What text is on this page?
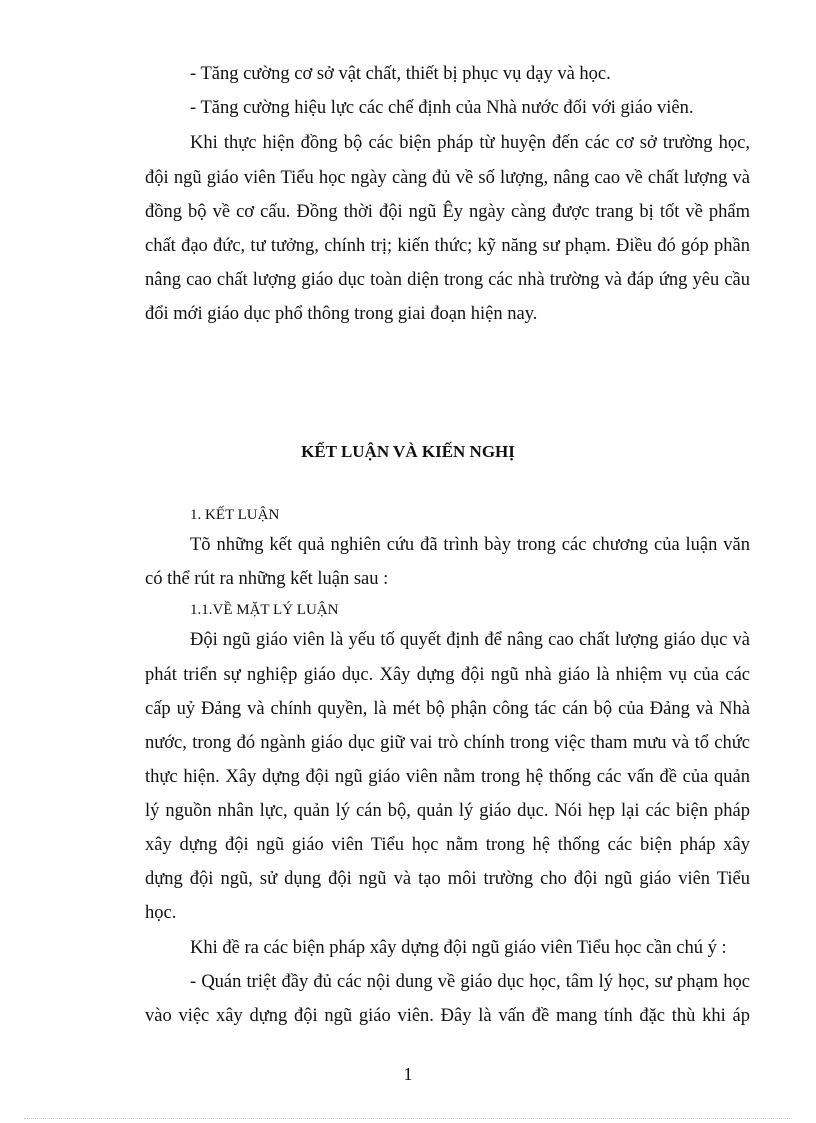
- Tăng cường cơ sở vật chất, thiết bị phục vụ dạy và học.
- Tăng cường hiệu lực các chế định của Nhà nước đối với giáo viên.
Khi thực hiện đồng bộ các biện pháp từ huyện đến các cơ sở trường học,
đội ngũ giáo viên Tiểu học ngày càng đủ về số lượng, nâng cao về chất lượng và
đồng bộ về cơ cấu. Đồng thời đội ngũ Êy ngày càng được trang bị tốt về phẩm
chất đạo đức, tư tưởng, chính trị; kiến thức; kỹ năng sư phạm. Điều đó góp phần
nâng cao chất lượng giáo dục toàn diện trong các nhà trường và đáp ứng yêu cầu
đổi mới giáo dục phổ thông trong giai đoạn hiện nay.
KẾT LUẬN VÀ KIẾN NGHỊ
1. KẾT LUẬN
Tõ những kết quả nghiên cứu đã trình bày trong các chương của luận văn
có thể rút ra những kết luận sau :
1.1.VỀ MẶT LÝ LUẬN
Đội ngũ giáo viên là yếu tố quyết định để nâng cao chất lượng giáo dục và
phát triển sự nghiệp giáo dục. Xây dựng đội ngũ nhà giáo là nhiệm vụ của các
cấp uỷ Đảng và chính quyền, là mét bộ phận công tác cán bộ của Đảng và Nhà
nước, trong đó ngành giáo dục giữ vai trò chính trong việc tham mưu và tổ chức
thực hiện. Xây dựng đội ngũ giáo viên nằm trong hệ thống các vấn đề của quản
lý nguồn nhân lực, quản lý cán bộ, quản lý giáo dục. Nói hẹp lại các biện pháp
xây dựng đội ngũ giáo viên Tiểu học nằm trong hệ thống các biện pháp xây
dựng đội ngũ, sử dụng đội ngũ và tạo môi trường cho đội ngũ giáo viên Tiểu
học.
Khi đề ra các biện pháp xây dựng đội ngũ giáo viên Tiểu học cần chú ý :
- Quán triệt đầy đủ các nội dung về giáo dục học, tâm lý học, sư phạm học
vào việc xây dựng đội ngũ giáo viên. Đây là vấn đề mang tính đặc thù khi áp
1
